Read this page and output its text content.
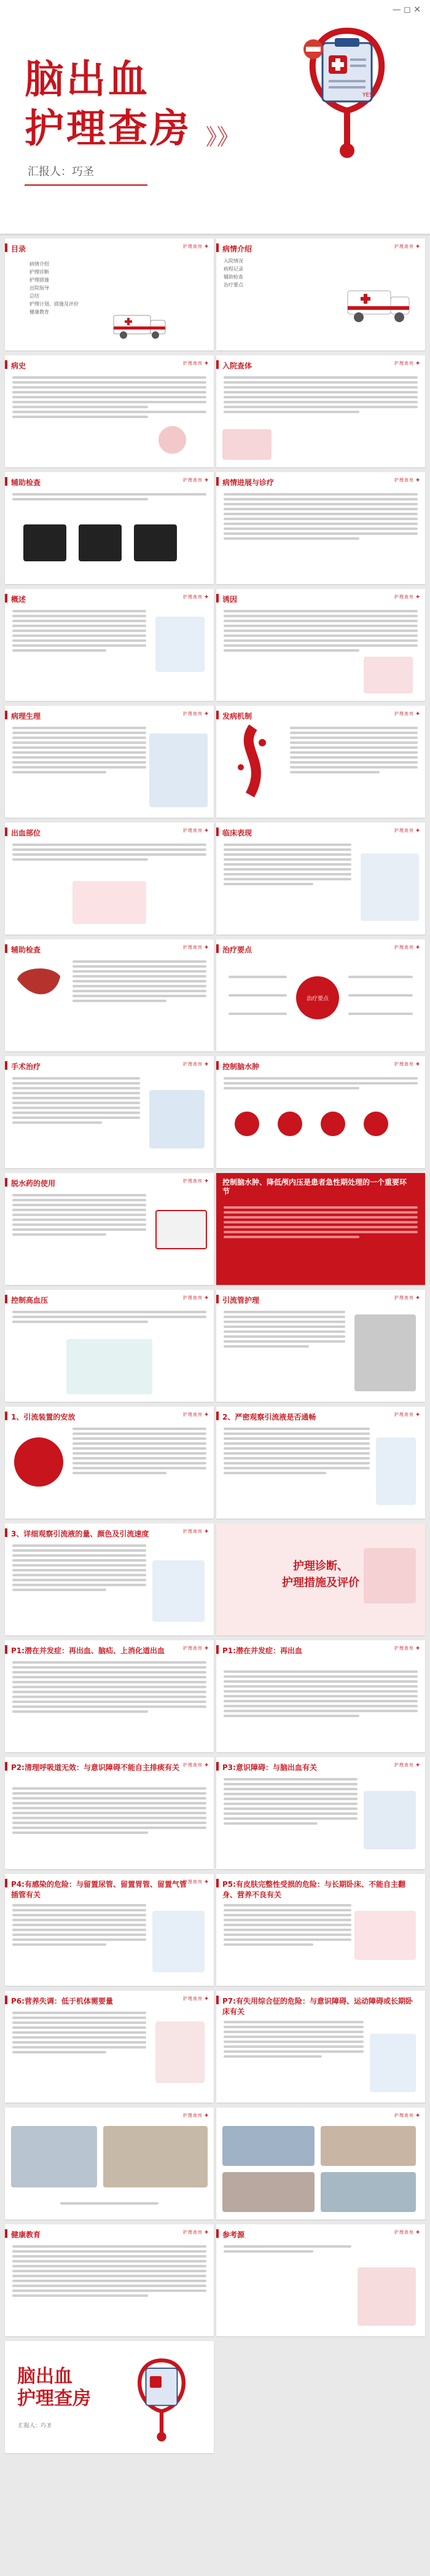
— ◻ ✕
脑出血
护理查房 》》
汇报人：巧圣
YES
目录	护理查房 ✚
病情介绍
护理诊断
护理措施
出院指导
总结
护理计划、措施及评价
健康教育
病情介绍	护理查房 ✚
入院情况
病程记录
辅助检查
治疗要点
病史	护理查房 ✚ 入院查体	护理查房 ✚
辅助检查	护理查房 ✚ 病情进展与诊疗	护理查房 ✚
概述	护理查房 ✚ 诱因	护理查房 ✚
病理生理	护理查房 ✚ 发病机制	护理查房 ✚
出血部位	护理查房 ✚ 临床表现	护理查房 ✚
辅助检查	护理查房 ✚ 治疗要点	护理查房 ✚
治疗要点
手术治疗	护理查房 ✚ 控制脑水肿	护理查房 ✚
脱水药的使用	护理查房 ✚ 控制脑水肿、降低颅内压是患者急性期处理的一个重要环节
控制高血压	护理查房 ✚ 引流管护理	护理查房 ✚
1、引流装置的安放	护理查房 ✚ 2、严密观察引流液是否通畅	护理查房 ✚
3、详细观察引流液的量、颜色及引流速度	护理查房 ✚
护理诊断、
护理措施及评价
P1:潜在并发症：再出血、脑疝、上消化道出血	护理查房 ✚ P1:潜在并发症：再出血	护理查房 ✚
P2:清理呼吸道无效：与意识障碍不能自主排痰有关 护理查房 ✚ P3:意识障碍：与脑出血有关	护理查房 ✚
P4:有感染的危险：与留置尿管、留置胃管、留置气管插管有关
护理查房 ✚ P5:有皮肤完整性受损的危险：与长期卧床、不能自主翻身、营养不良有关
P6:营养失调：低于机体需要量	护理查房 ✚ P7:有失用综合征的危险：与意识障碍、运动障碍或长期卧床有关
护理查房 ✚	护理查房 ✚
健康教育	护理查房 ✚ 参考源	护理查房 ✚
脑出血
护理查房
汇报人：巧圣
